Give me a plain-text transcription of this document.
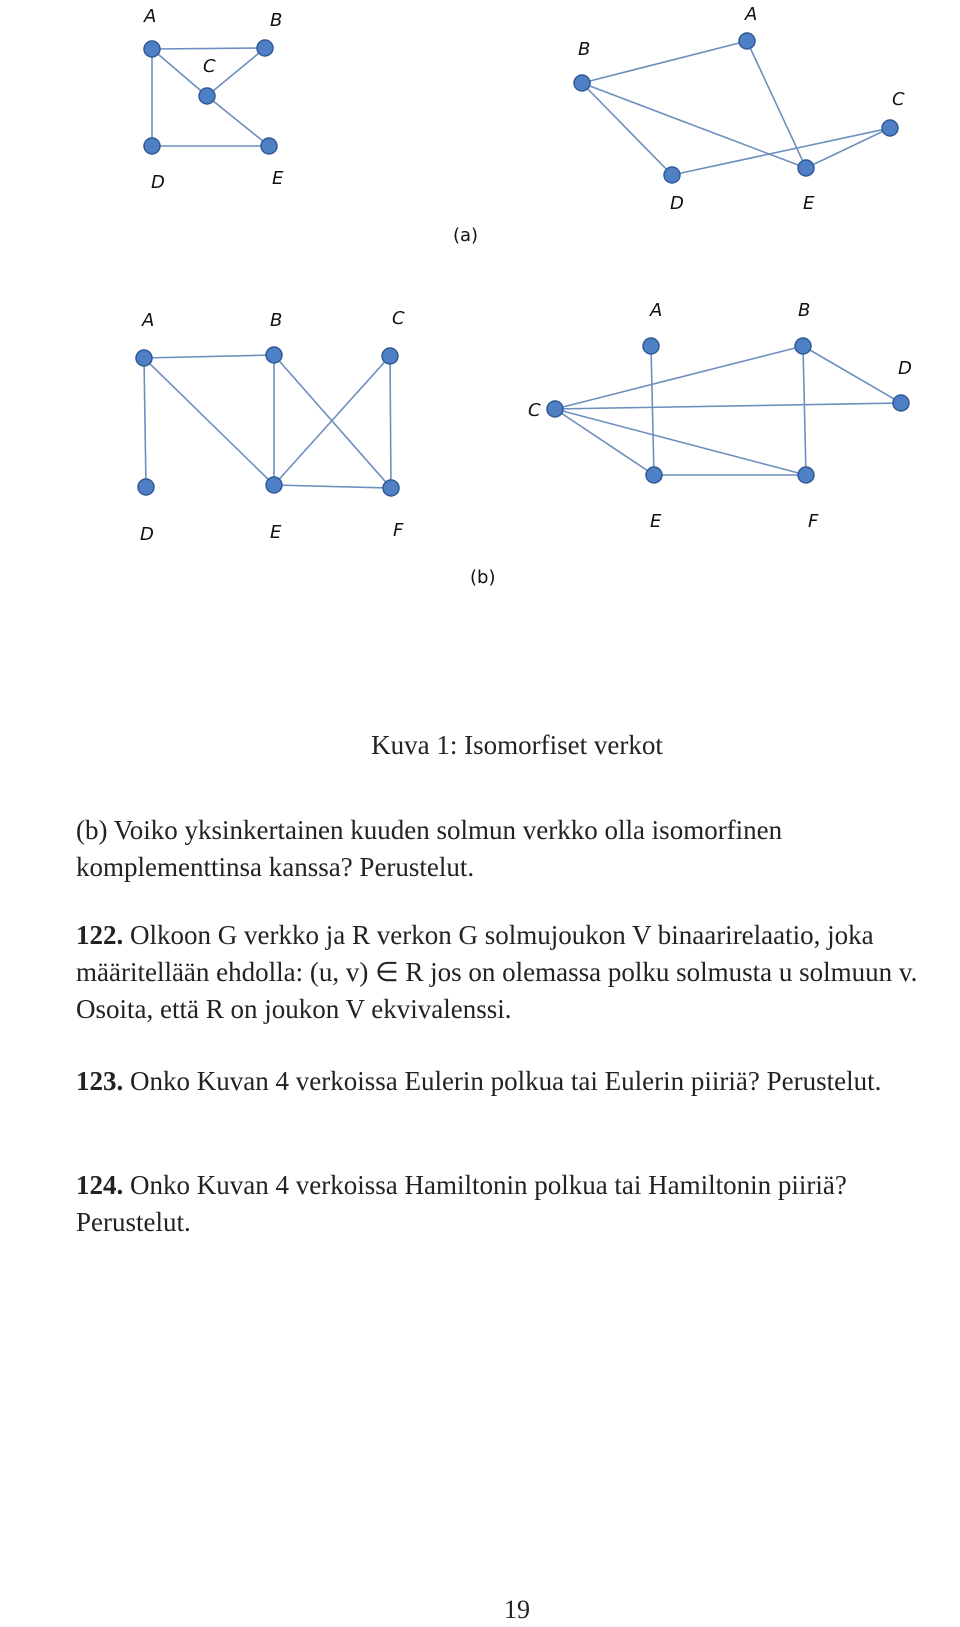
A	B
C
D	E
A
B
C
D	E
(a)
A	B	C
D	E	F
A	B
C
D
E	F
(b)
Kuva 1: Isomorfiset verkot
(b) Voiko yksinkertainen kuuden solmun verkko olla isomorfinen komplementtinsa kanssa? Perustelut.
122. Olkoon G verkko ja R verkon G solmujoukon V binaarirelaatio, joka määritellään ehdolla: (u, v) ∈ R jos on olemassa polku solmusta u solmuun v. Osoita, että R on joukon V ekvivalenssi.
123. Onko Kuvan 4 verkoissa Eulerin polkua tai Eulerin piiriä? Perustelut.
124. Onko Kuvan 4 verkoissa Hamiltonin polkua tai Hamiltonin piiriä? Perustelut.
19
